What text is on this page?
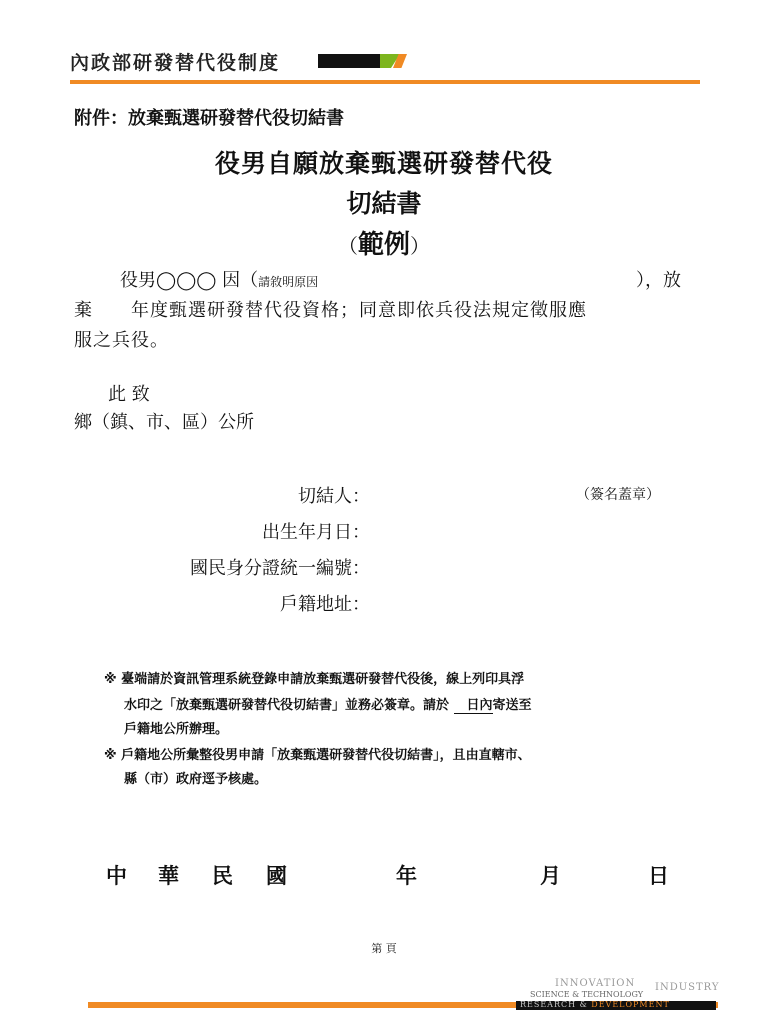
內政部研發替代役制度
附件：放棄甄選研發替代役切結書
役男自願放棄甄選研發替代役
切結書
（範例）
役男◯◯◯ 因（請敘明原因	），放
棄　　年度甄選研發替代役資格；同意即依兵役法規定徵服應
服之兵役。
此 致
鄉（鎮、市、區）公所
切結人：	（簽名蓋章）
出生年月日：
國民身分證統一編號：
戶籍地址：
※ 臺端請於資訊管理系統登錄申請放棄甄選研發替代役後，線上列印具浮
水印之「放棄甄選研發替代役切結書」並務必簽章。請於 　日內寄送至
戶籍地公所辦理。
※ 戶籍地公所彙整役男申請「放棄甄選研發替代役切結書」，且由直轄市、
縣（市）政府逕予核處。
中 華 民 國	年	月	日
第 頁
INNOVATION
SCIENCE & TECHNOLOGY
INDUSTRY
RESEARCH & DEVELOPMENT
